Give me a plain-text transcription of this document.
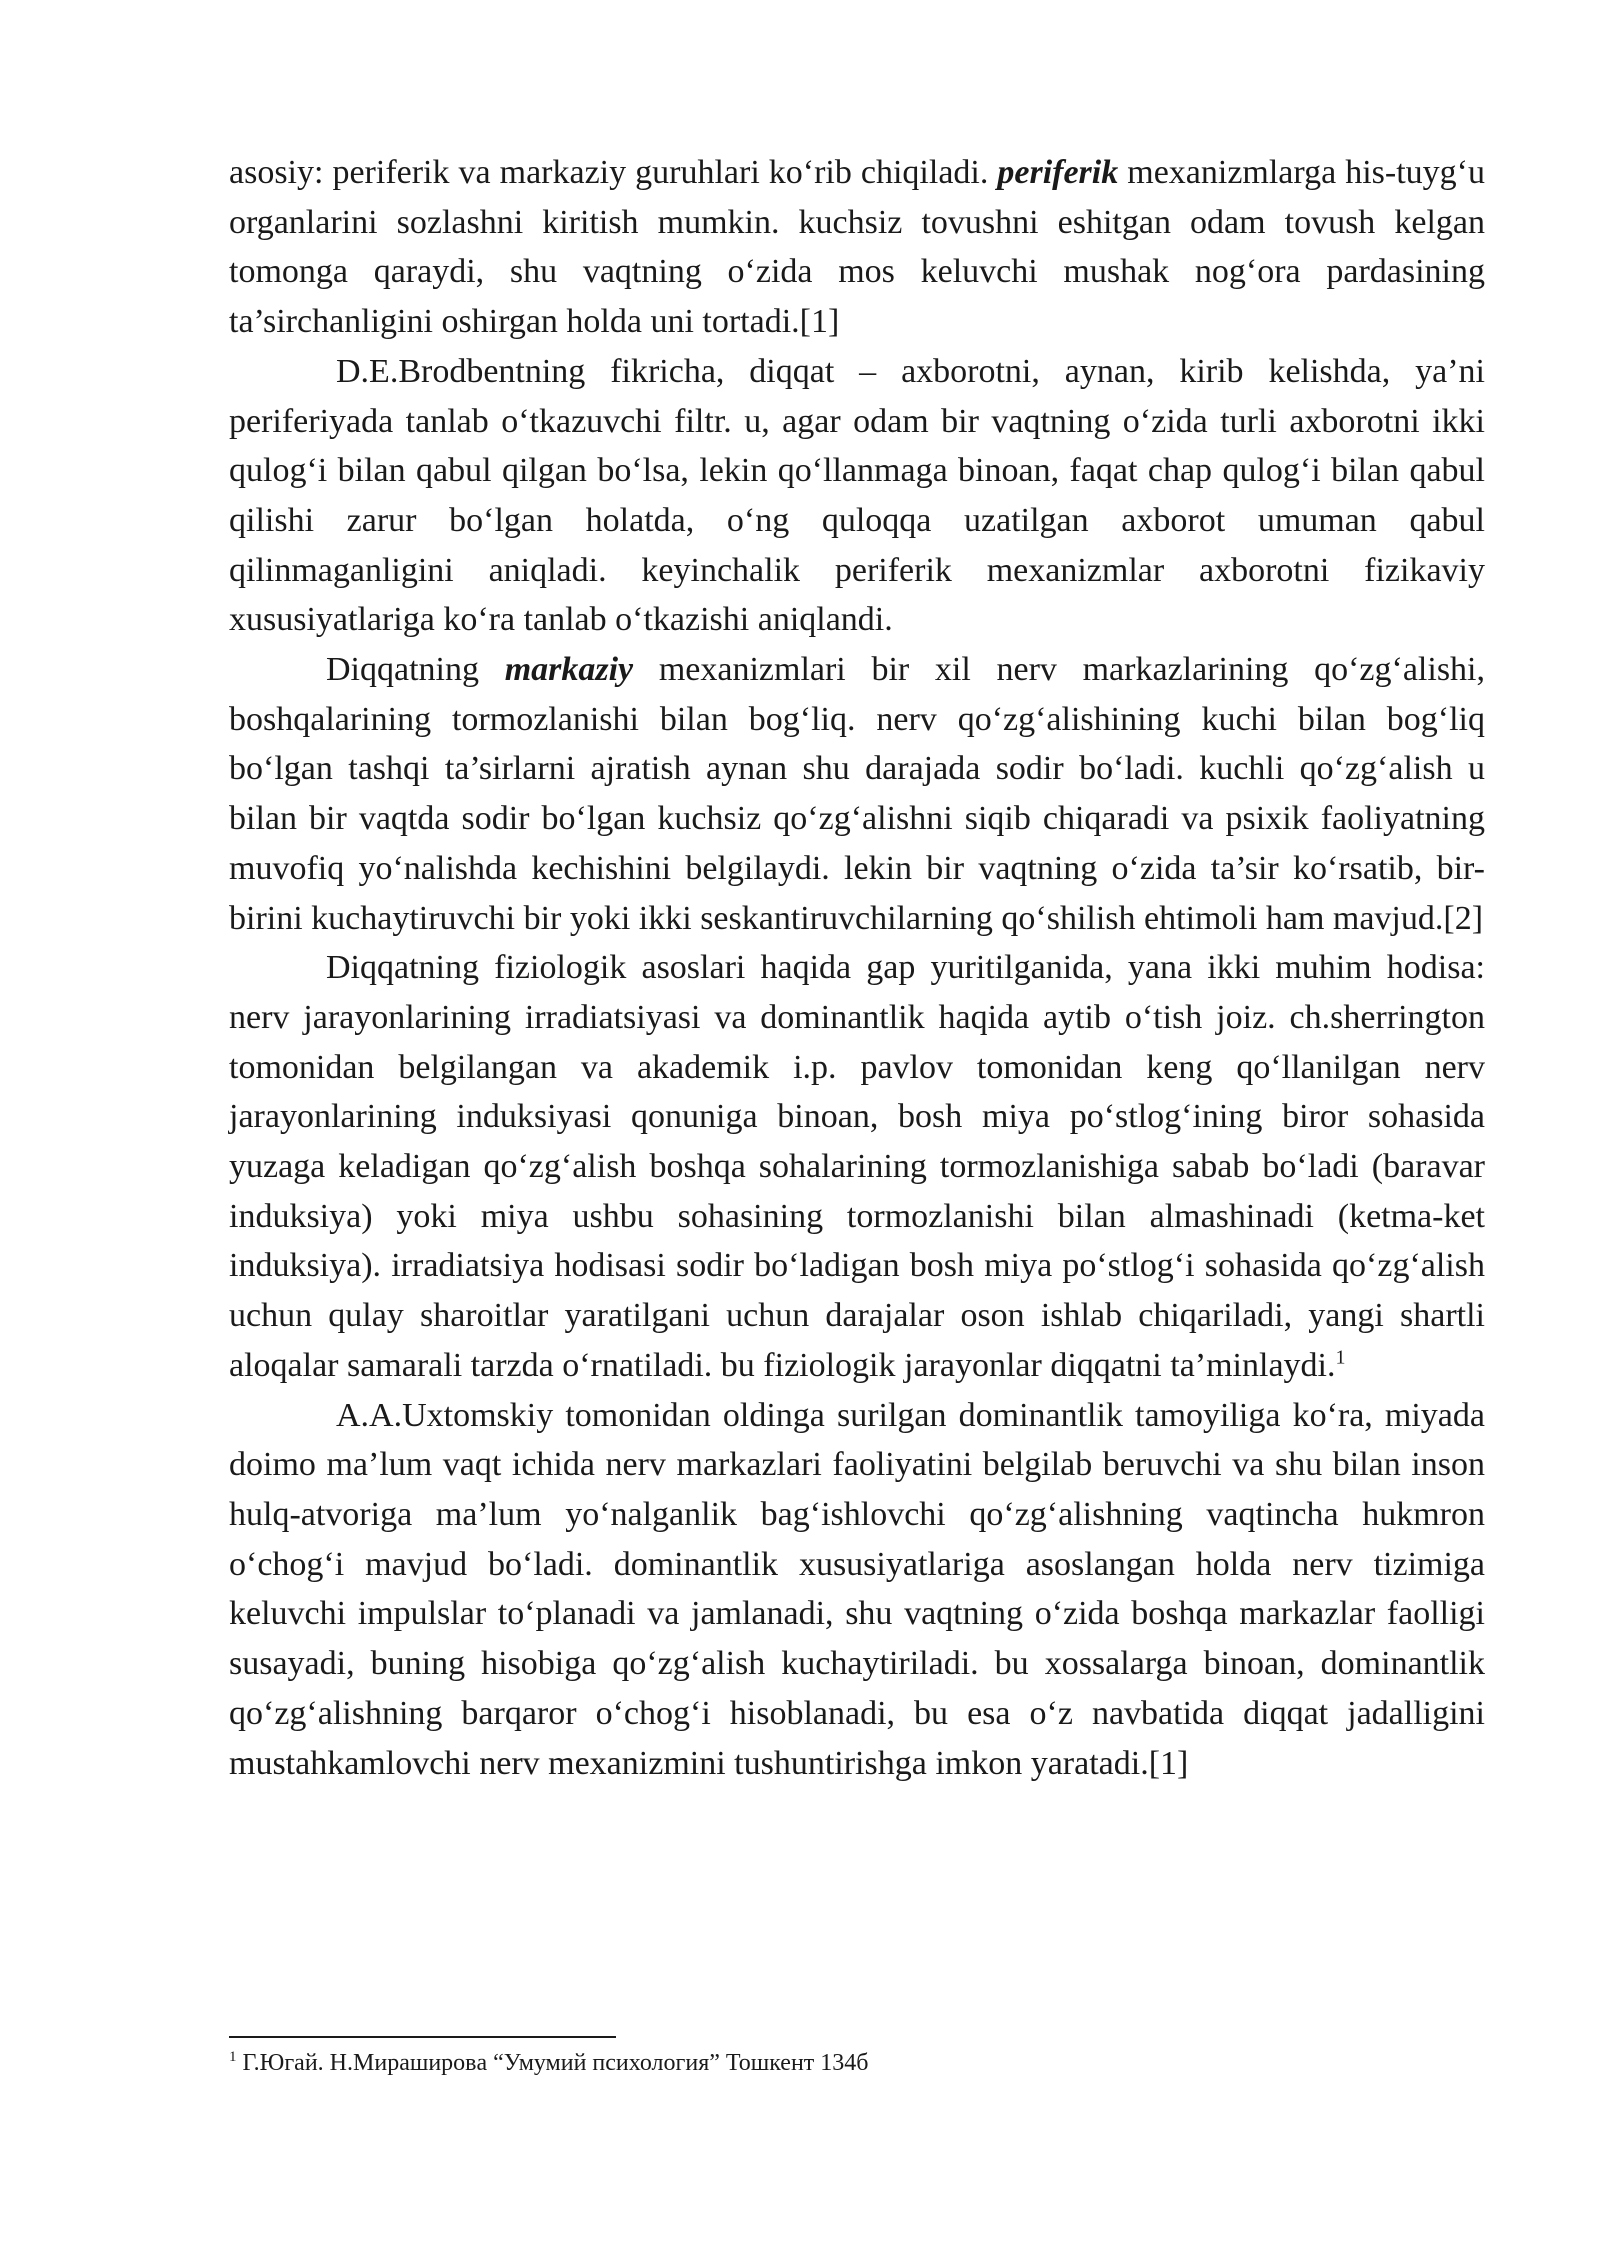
asosiy: periferik va markaziy guruhlari ko‘rib chiqiladi. periferik mexanizmlarga his-tuyg‘u organlarini sozlashni kiritish mumkin. kuchsiz tovushni eshitgan odam tovush kelgan tomonga qaraydi, shu vaqtning o‘zida mos keluvchi mushak nog‘ora pardasining ta’sirchanligini oshirgan holda uni tortadi.[1]

D.E.Brodbentning fikricha, diqqat – axborotni, aynan, kirib kelishda, ya’ni periferiyada tanlab o‘tkazuvchi filtr. u, agar odam bir vaqtning o‘zida turli axborotni ikki qulog‘i bilan qabul qilgan bo‘lsa, lekin qo‘llanmaga binoan, faqat chap qulog‘i bilan qabul qilishi zarur bo‘lgan holatda, o‘ng quloqqa uzatilgan axborot umuman qabul qilinmaganligini aniqladi. keyinchalik periferik mexanizmlar axborotni fizikaviy xususiyatlariga ko‘ra tanlab o‘tkazishi aniqlandi.

Diqqatning markaziy mexanizmlari bir xil nerv markazlarining qo‘zg‘alishi, boshqalarining tormozlanishi bilan bog‘liq. nerv qo‘zg‘alishining kuchi bilan bog‘liq bo‘lgan tashqi ta’sirlarni ajratish aynan shu darajada sodir bo‘ladi. kuchli qo‘zg‘alish u bilan bir vaqtda sodir bo‘lgan kuchsiz qo‘zg‘alishni siqib chiqaradi va psixik faoliyatning muvofiq yo‘nalishda kechishini belgilaydi. lekin bir vaqtning o‘zida ta’sir ko‘rsatib, bir-birini kuchaytiruvchi bir yoki ikki seskantiruvchilarning qo‘shilish ehtimoli ham mavjud.[2]

Diqqatning fiziologik asoslari haqida gap yuritilganida, yana ikki muhim hodisa: nerv jarayonlarining irradiatsiyasi va dominantlik haqida aytib o‘tish joiz. ch.sherrington tomonidan belgilangan va akademik i.p. pavlov tomonidan keng qo‘llanilgan nerv jarayonlarining induksiyasi qonuniga binoan, bosh miya po‘stlog‘ining biror sohasida yuzaga keladigan qo‘zg‘alish boshqa sohalarining tormozlanishiga sabab bo‘ladi (baravar induksiya) yoki miya ushbu sohasining tormozlanishi bilan almashinadi (ketma-ket induksiya). irradiatsiya hodisasi sodir bo‘ladigan bosh miya po‘stlog‘i sohasida qo‘zg‘alish uchun qulay sharoitlar yaratilgani uchun darajalar oson ishlab chiqariladi, yangi shartli aloqalar samarali tarzda o‘rnatiladi. bu fiziologik jarayonlar diqqatni ta’minlaydi.$^1$

A.A.Uxtomskiy tomonidan oldinga surilgan dominantlik tamoyiliga ko‘ra, miyada doimo ma’lum vaqt ichida nerv markazlari faoliyatini belgilab beruvchi va shu bilan inson hulq-atvoriga ma’lum yo‘nalganlik bag‘ishlovchi qo‘zg‘alishning vaqtincha hukmron o‘chog‘i mavjud bo‘ladi. dominantlik xususiyatlariga asoslangan holda nerv tizimiga keluvchi impulslar to‘planadi va jamlanadi, shu vaqtning o‘zida boshqa markazlar faolligi susayadi, buning hisobiga qo‘zg‘alish kuchaytiriladi. bu xossalarga binoan, dominantlik qo‘zg‘alishning barqaror o‘chog‘i hisoblanadi, bu esa o‘z navbatida diqqat jadalligini mustahkamlovchi nerv mexanizmini tushuntirishga imkon yaratadi.[1]

$^1$ Г.Югай. Н.Мирашировa “Умумий психология” Тошкент 134б
